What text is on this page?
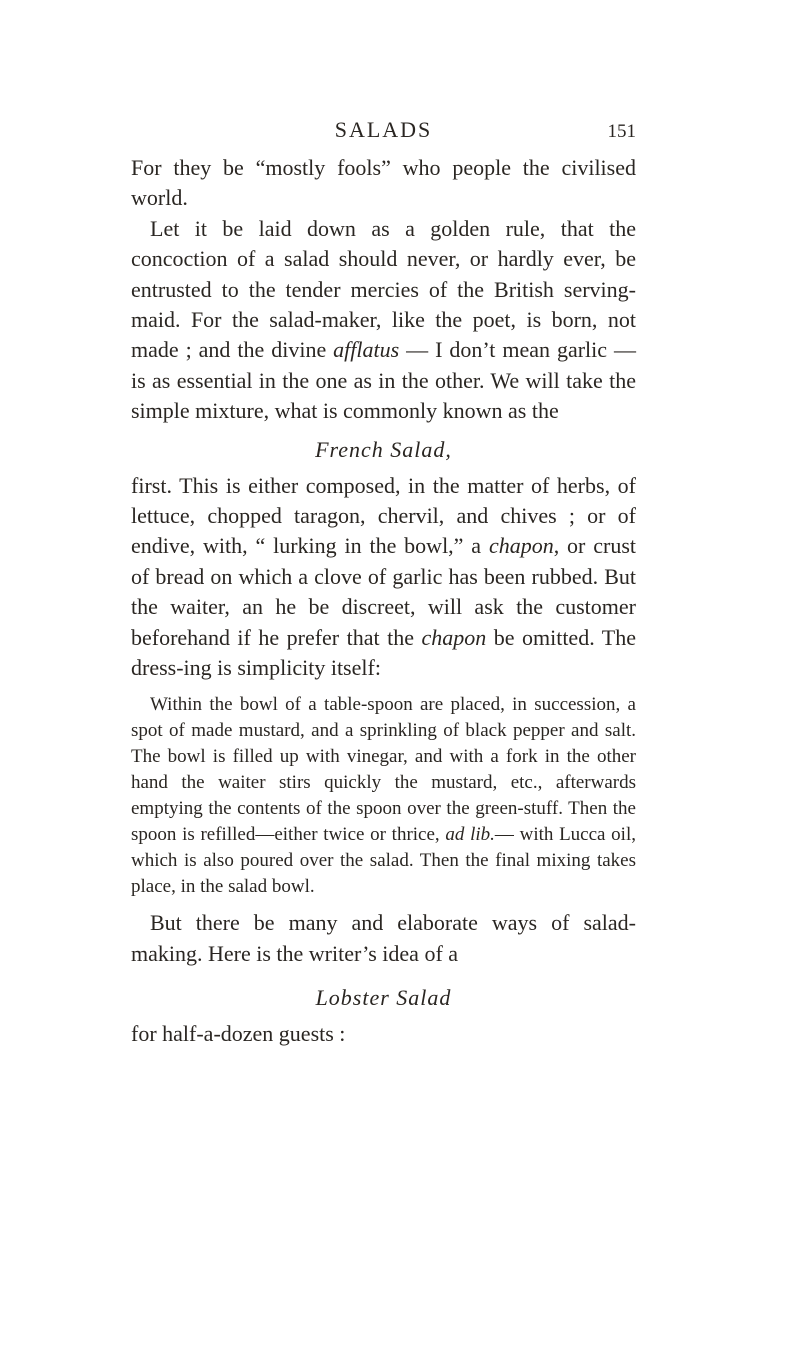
SALADS	151

For they be “mostly fools” who people the civilised world.

Let it be laid down as a golden rule, that the concoction of a salad should never, or hardly ever, be entrusted to the tender mercies of the British serving-maid. For the salad-maker, like the poet, is born, not made ; and the divine afflatus — I don’t mean garlic — is as essential in the one as in the other. We will take the simple mixture, what is commonly known as the

French Salad,

first. This is either composed, in the matter of herbs, of lettuce, chopped taragon, chervil, and chives ; or of endive, with, “ lurking in the bowl,” a chapon, or crust of bread on which a clove of garlic has been rubbed. But the waiter, an he be discreet, will ask the customer beforehand if he prefer that the chapon be omitted. The dress-ing is simplicity itself:

Within the bowl of a table-spoon are placed, in succession, a spot of made mustard, and a sprinkling of black pepper and salt. The bowl is filled up with vinegar, and with a fork in the other hand the waiter stirs quickly the mustard, etc., afterwards emptying the contents of the spoon over the green-stuff. Then the spoon is refilled—either twice or thrice, ad lib.— with Lucca oil, which is also poured over the salad. Then the final mixing takes place, in the salad bowl.

But there be many and elaborate ways of salad-making. Here is the writer’s idea of a

Lobster Salad

for half-a-dozen guests :
